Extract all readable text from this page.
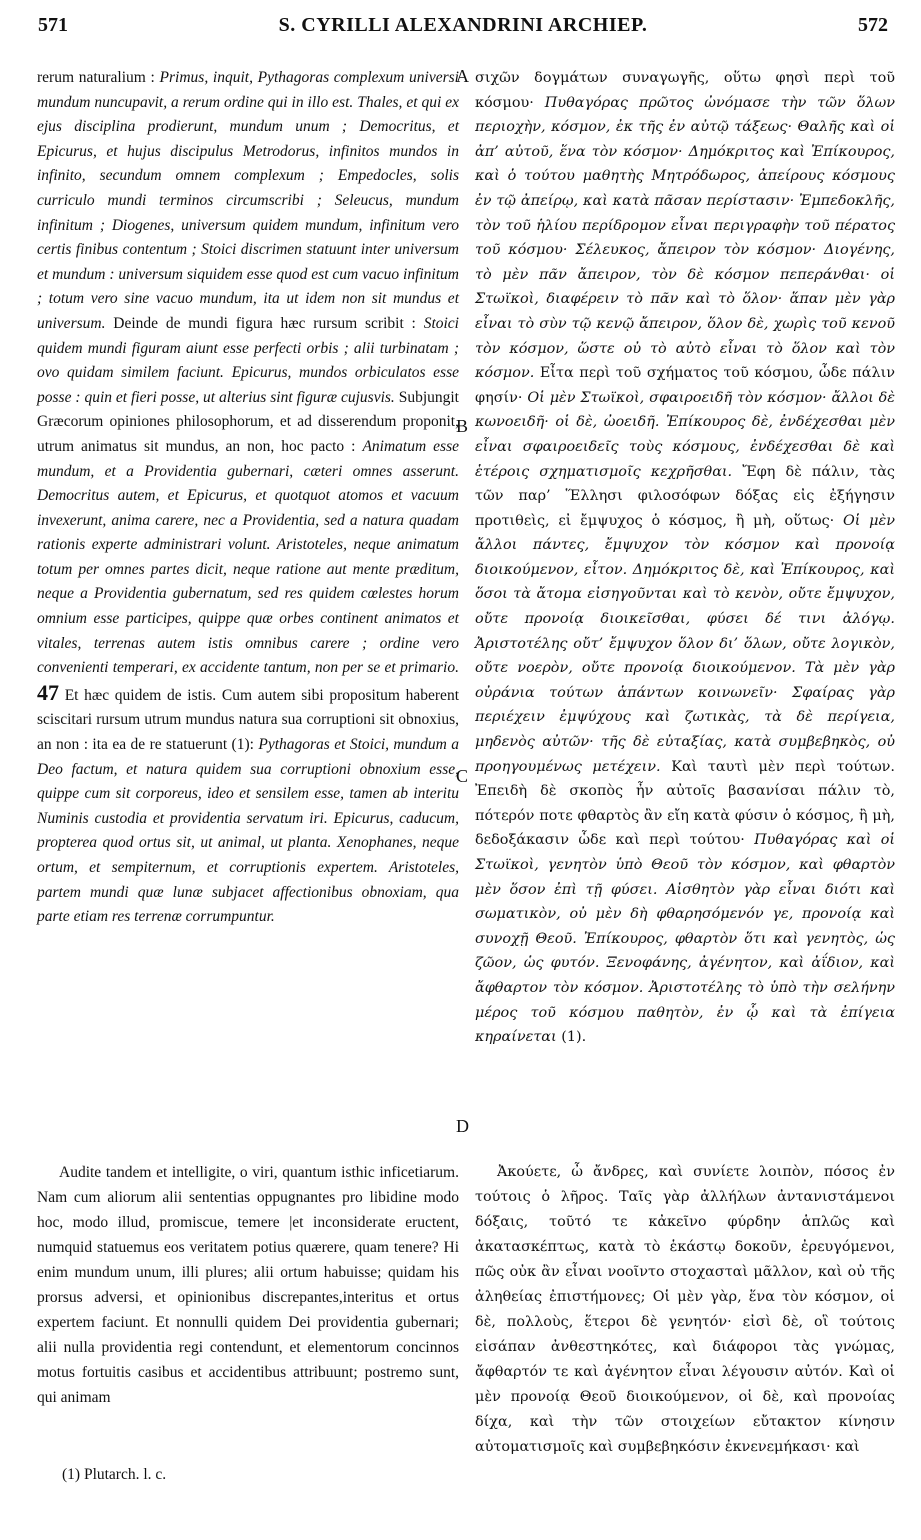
571	S. CYRILLI ALEXANDRINI ARCHIEP.	572
A
B
C
D

rerum naturalium : Primus, inquit, Pythagoras complexum universi mundum nuncupavit, a rerum ordine qui in illo est. Thales, et qui ex ejus disciplina prodierunt, mundum unum ; Democritus, et Epicurus, et hujus discipulus Metrodorus, infinitos mundos in infinito, secundum omnem complexum ; Empedocles, solis curriculo mundi terminos circumscribi ; Seleucus, mundum infinitum ; Diogenes, universum quidem mundum, infinitum vero certis finibus contentum ; Stoici discrimen statuunt inter universum et mundum : universum siquidem esse quod est cum vacuo infinitum ; totum vero sine vacuo mundum, ita ut idem non sit mundus et universum. Deinde de mundi figura hæc rursum scribit : Stoici quidem mundi figuram aiunt esse perfecti orbis ; alii turbinatam ; ovo quidam similem faciunt. Epicurus, mundos orbiculatos esse posse : quin et fieri posse, ut alterius sint figuræ cujusvis. Subjungit Græcorum opiniones philosophorum, et ad disserendum proponit, utrum animatus sit mundus, an non, hoc pacto : Animatum esse mundum, et a Providentia gubernari, cæteri omnes asserunt. Democritus autem, et Epicurus, et quotquot atomos et vacuum invexerunt, anima carere, nec a Providentia, sed a natura quadam rationis experte administrari volunt. Aristoteles, neque animatum totum per omnes partes dicit, neque ratione aut mente præditum, neque a Providentia gubernatum, sed res quidem cœlestes horum omnium esse participes, quippe quæ orbes continent animatos et vitales, terrenas autem istis omnibus carere ; ordine vero convenienti temperari, ex accidente tantum, non per se et primario. 47 Et hæc quidem de istis. Cum autem sibi propositum haberent sciscitari rursum utrum mundus natura sua corruptioni sit obnoxius, an non : ita ea de re statuerunt (1): Pythagoras et Stoici, mundum a Deo factum, et natura quidem sua corruptioni obnoxium esse, quippe cum sit corporeus, ideo et sensilem esse, tamen ab interitu Numinis custodia et providentia servatum iri. Epicurus, caducum, propterea quod ortus sit, ut animal, ut planta. Xenophanes, neque ortum, et sempiternum, et corruptionis expertem. Aristoteles, partem mundi quæ lunæ subjacet affectionibus obnoxiam, qua parte etiam res terrenæ corrumpuntur.

σιχῶν δογμάτων συναγωγῆς, οὕτω φησὶ περὶ τοῦ κόσμου· Πυθαγόρας πρῶτος ὠνόμασε τὴν τῶν ὅλων περιοχὴν, κόσμον, ἐκ τῆς ἐν αὐτῷ τάξεως· Θαλῆς καὶ οἱ ἀπ’ αὐτοῦ, ἕνα τὸν κόσμον· Δημόκριτος καὶ Ἐπίκουρος, καὶ ὁ τούτου μαθητὴς Μητρόδωρος, ἀπείρους κόσμους ἐν τῷ ἀπείρῳ, καὶ κατὰ πᾶσαν περίστασιν· Ἐμπεδοκλῆς, τὸν τοῦ ἡλίου περίδρομον εἶναι περιγραφὴν τοῦ πέρατος τοῦ κόσμου· Σέλευκος, ἄπειρον τὸν κόσμον· Διογένης, τὸ μὲν πᾶν ἄπειρον, τὸν δὲ κόσμον πεπεράνθαι· οἱ Στωϊκοὶ, διαφέρειν τὸ πᾶν καὶ τὸ ὅλον· ἅπαν μὲν γὰρ εἶναι τὸ σὺν τῷ κενῷ ἄπειρον, ὅλον δὲ, χωρὶς τοῦ κενοῦ τὸν κόσμον, ὥστε οὐ τὸ αὐτὸ εἶναι τὸ ὅλον καὶ τὸν κόσμον. Εἶτα περὶ τοῦ σχήματος τοῦ κόσμου, ὧδε πάλιν φησίν· Οἱ μὲν Στωϊκοὶ, σφαιροειδῆ τὸν κόσμον· ἄλλοι δὲ κωνοειδῆ· οἱ δὲ, ὠοειδῆ. Ἐπίκουρος δὲ, ἐνδέχεσθαι μὲν εἶναι σφαιροειδεῖς τοὺς κόσμους, ἐνδέχεσθαι δὲ καὶ ἑτέροις σχηματισμοῖς κεχρῆσθαι. Ἔφη δὲ πάλιν, τὰς τῶν παρ’ Ἕλλησι φιλοσόφων δόξας εἰς ἐξήγησιν προτιθεὶς, εἰ ἔμψυχος ὁ κόσμος, ἢ μὴ, οὕτως· Οἱ μὲν ἄλλοι πάντες, ἔμψυχον τὸν κόσμον καὶ προνοίᾳ διοικούμενον, εἶτον. Δημόκριτος δὲ, καὶ Ἐπίκουρος, καὶ ὅσοι τὰ ἄτομα εἰσηγοῦνται καὶ τὸ κενὸν, οὔτε ἔμψυχον, οὔτε προνοίᾳ διοικεῖσθαι, φύσει δέ τινι ἀλόγῳ. Ἀριστοτέλης οὔτ’ ἔμψυχον ὅλον δι’ ὅλων, οὔτε λογικὸν, οὔτε νοερὸν, οὔτε προνοίᾳ διοικούμενον. Τὰ μὲν γὰρ οὐράνια τούτων ἁπάντων κοινωνεῖν· Σφαίρας γὰρ περιέχειν ἐμψύχους καὶ ζωτικὰς, τὰ δὲ περίγεια, μηδενὸς αὐτῶν· τῆς δὲ εὐταξίας, κατὰ συμβεβηκὸς, οὐ προηγουμένως μετέχειν. Καὶ ταυτὶ μὲν περὶ τούτων. Ἐπειδὴ δὲ σκοπὸς ἦν αὐτοῖς βασανίσαι πάλιν τὸ, πότερόν ποτε φθαρτὸς ἂν εἴη κατὰ φύσιν ὁ κόσμος, ἢ μὴ, δεδοξάκασιν ὧδε καὶ περὶ τούτου· Πυθαγόρας καὶ οἱ Στωϊκοὶ, γενητὸν ὑπὸ Θεοῦ τὸν κόσμον, καὶ φθαρτὸν μὲν ὅσον ἐπὶ τῇ φύσει. Αἰσθητὸν γὰρ εἶναι διότι καὶ σωματικὸν, οὐ μὲν δὴ φθαρησόμενόν γε, προνοίᾳ καὶ συνοχῇ Θεοῦ. Ἐπίκουρος, φθαρτὸν ὅτι καὶ γενητὸς, ὡς ζῶον, ὡς φυτόν. Ξενοφάνης, ἀγένητον, καὶ ἀΐδιον, καὶ ἄφθαρτον τὸν κόσμον. Ἀριστοτέλης τὸ ὑπὸ τὴν σελήνην μέρος τοῦ κόσμου παθητὸν, ἐν ᾧ καὶ τὰ ἐπίγεια κηραίνεται (1).

Audite tandem et intelligite, o viri, quantum isthic inficetiarum. Nam cum aliorum alii sententias oppugnantes pro libidine modo hoc, modo illud, promiscue, temere |et inconsiderate eructent, numquid statuemus eos veritatem potius quærere, quam tenere? Hi enim mundum unum, illi plures; alii ortum habuisse; quidam his prorsus adversi, et opinionibus discrepantes,interitus et ortus expertem faciunt. Et nonnulli quidem Dei providentia gubernari; alii nulla providentia regi contendunt, et elementorum concinnos motus fortuitis casibus et accidentibus attribuunt; postremo sunt, qui animam
Ἀκούετε, ὦ ἄνδρες, καὶ συνίετε λοιπὸν, πόσος ἐν τούτοις ὁ λῆρος. Ταῖς γὰρ ἀλλήλων ἀντανιστάμενοι δόξαις, τοῦτό τε κἀκεῖνο φύρδην ἁπλῶς καὶ ἀκατασκέπτως, κατὰ τὸ ἑκάστῳ δοκοῦν, ἐρευγόμενοι, πῶς οὐκ ἂν εἶναι νοοῖντο στοχασταὶ μᾶλλον, καὶ οὐ τῆς ἀληθείας ἐπιστήμονες; Οἱ μὲν γὰρ, ἕνα τὸν κόσμον, οἱ δὲ, πολλοὺς, ἕτεροι δὲ γενητόν· εἰσὶ δὲ, οἳ τούτοις εἰσάπαν ἀνθεστηκότες, καὶ διάφοροι τὰς γνώμας, ἄφθαρτόν τε καὶ ἀγένητον εἶναι λέγουσιν αὐτόν. Καὶ οἱ μὲν προνοίᾳ Θεοῦ διοικούμενον, οἱ δὲ, καὶ προνοίας δίχα, καὶ τὴν τῶν στοιχείων εὔτακτον κίνησιν αὐτοματισμοῖς καὶ συμβεβηκόσιν ἐκνενεμήκασι· καὶ
(1) Plutarch. l. c.
